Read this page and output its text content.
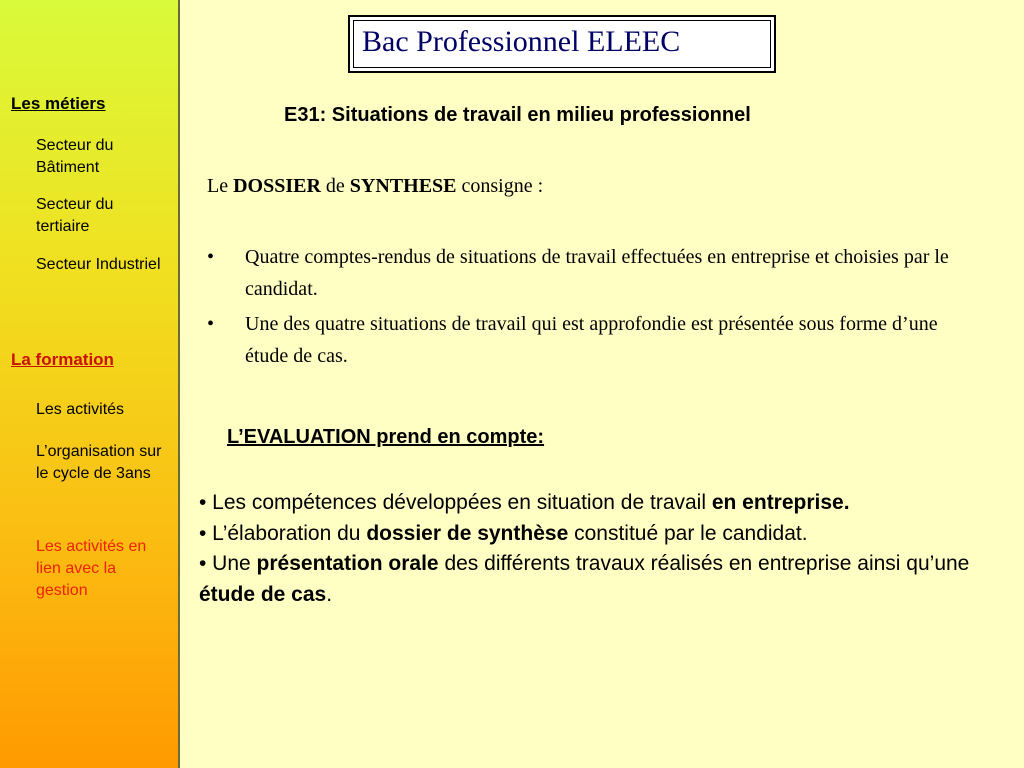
Les métiers
Secteur du Bâtiment
Secteur du tertiaire
Secteur Industriel
La formation
Les activités
L’organisation sur le cycle de 3ans
Les activités en lien avec la gestion
Bac Professionnel ELEEC
E31: Situations de travail en milieu professionnel
Le DOSSIER de SYNTHESE consigne :
• Quatre comptes-rendus de situations de travail effectuées en entreprise et choisies par le candidat.
• Une des quatre situations de travail qui est approfondie est présentée sous forme d’une étude de cas.
L’EVALUATION prend en compte:
• Les compétences développées en situation de travail en entreprise.
• L’élaboration du dossier de synthèse constitué par le candidat.
• Une présentation orale des différents travaux réalisés en entreprise ainsi qu’une étude de cas.
